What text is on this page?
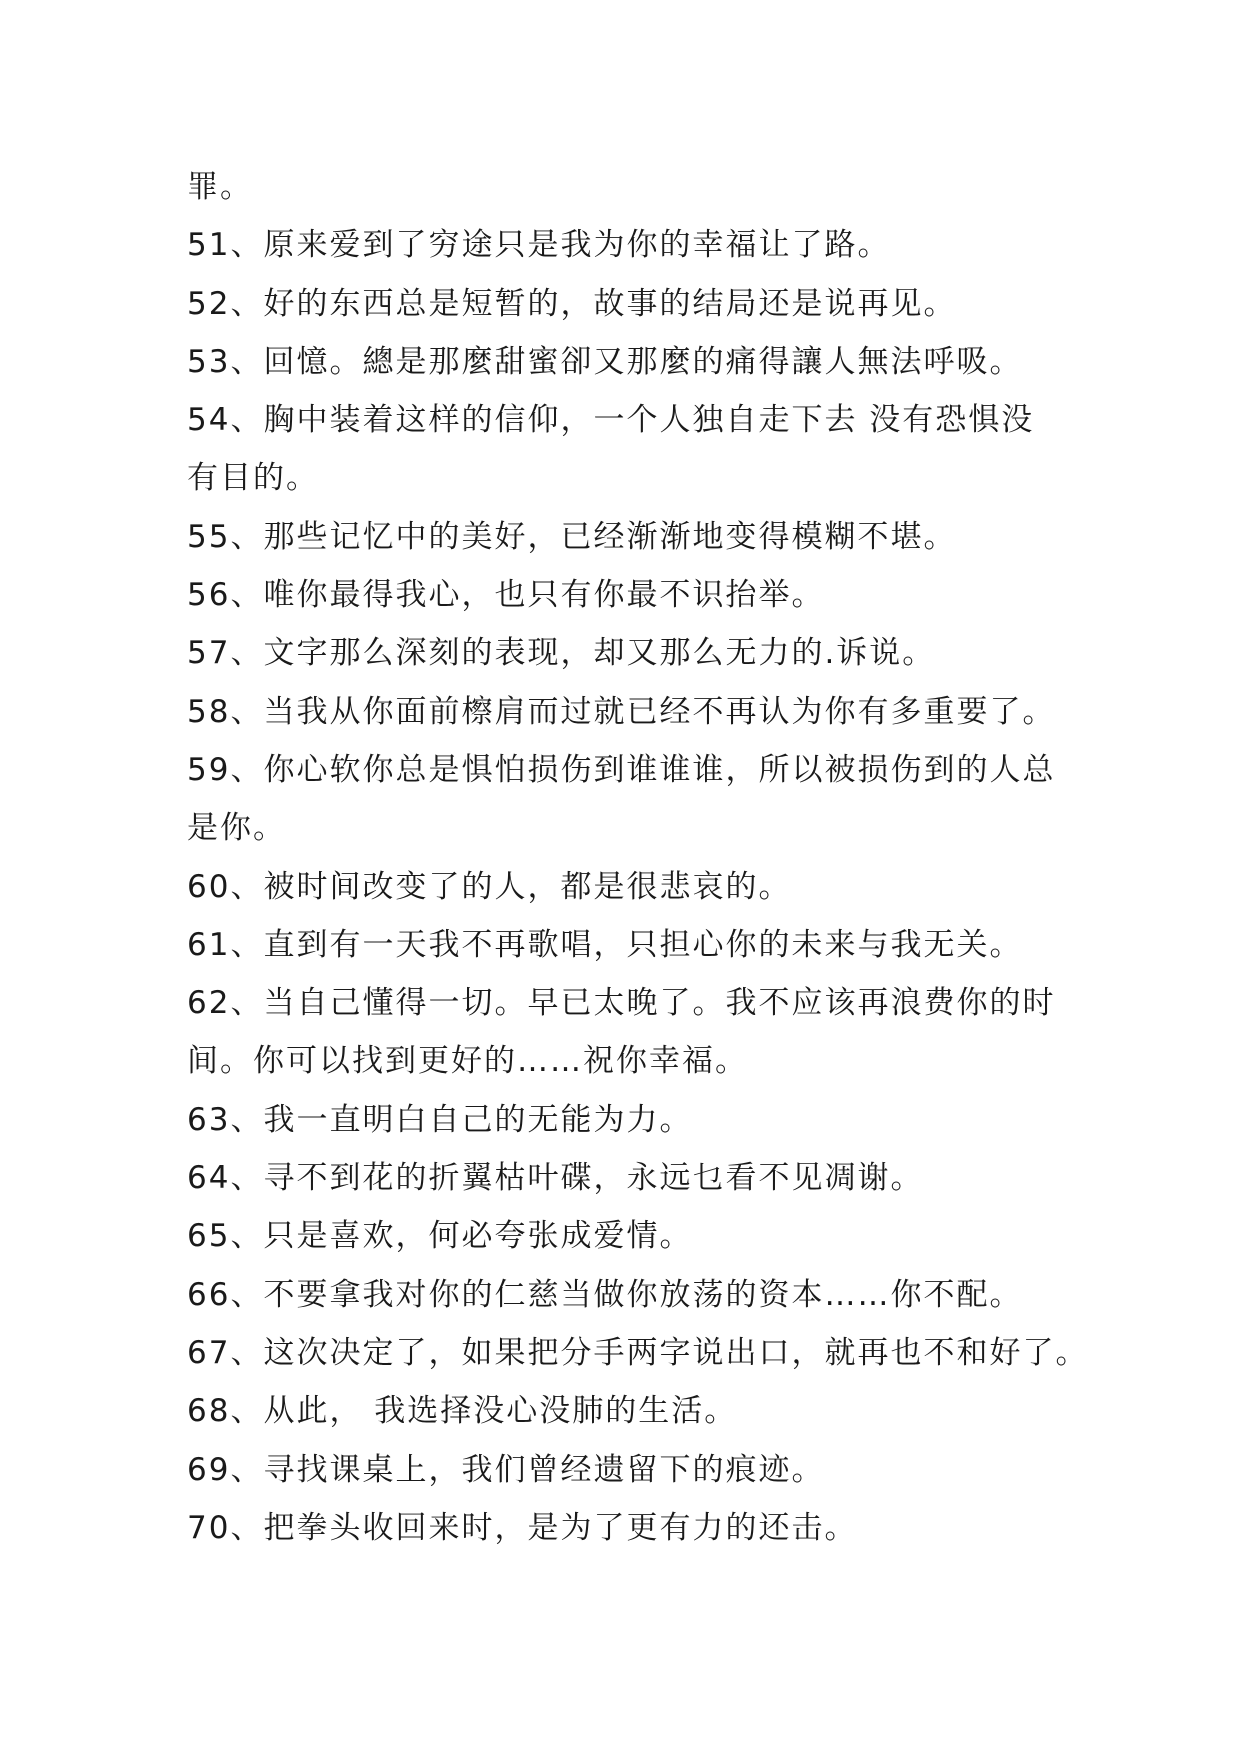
罪。
51、原来爱到了穷途只是我为你的幸福让了路。
52、好的东西总是短暂的，故事的结局还是说再见。
53、回憶。總是那麼甜蜜卻又那麼的痛得讓人無法呼吸。
54、胸中装着这样的信仰，一个人独自走下去 没有恐惧没
有目的。
55、那些记忆中的美好，已经渐渐地变得模糊不堪。
56、唯你最得我心，也只有你最不识抬举。
57、文字那么深刻的表现，却又那么无力的.诉说。
58、当我从你面前檫肩而过就已经不再认为你有多重要了。
59、你心软你总是惧怕损伤到谁谁谁，所以被损伤到的人总
是你。
60、被时间改变了的人，都是很悲哀的。
61、直到有一天我不再歌唱，只担心你的未来与我无关。
62、当自己懂得一切。早已太晚了。我不应该再浪费你的时
间。你可以找到更好的……祝你幸福。
63、我一直明白自己的无能为力。
64、寻不到花的折翼枯叶碟，永远乜看不见凋谢。
65、只是喜欢，何必夸张成爱情。
66、不要拿我对你的仁慈当做你放荡的资本……你不配。
67、这次决定了，如果把分手两字说出口，就再也不和好了。
68、从此， 我选择没心没肺的生活。
69、寻找课桌上，我们曾经遗留下的痕迹。
70、把拳头收回来时，是为了更有力的还击。
